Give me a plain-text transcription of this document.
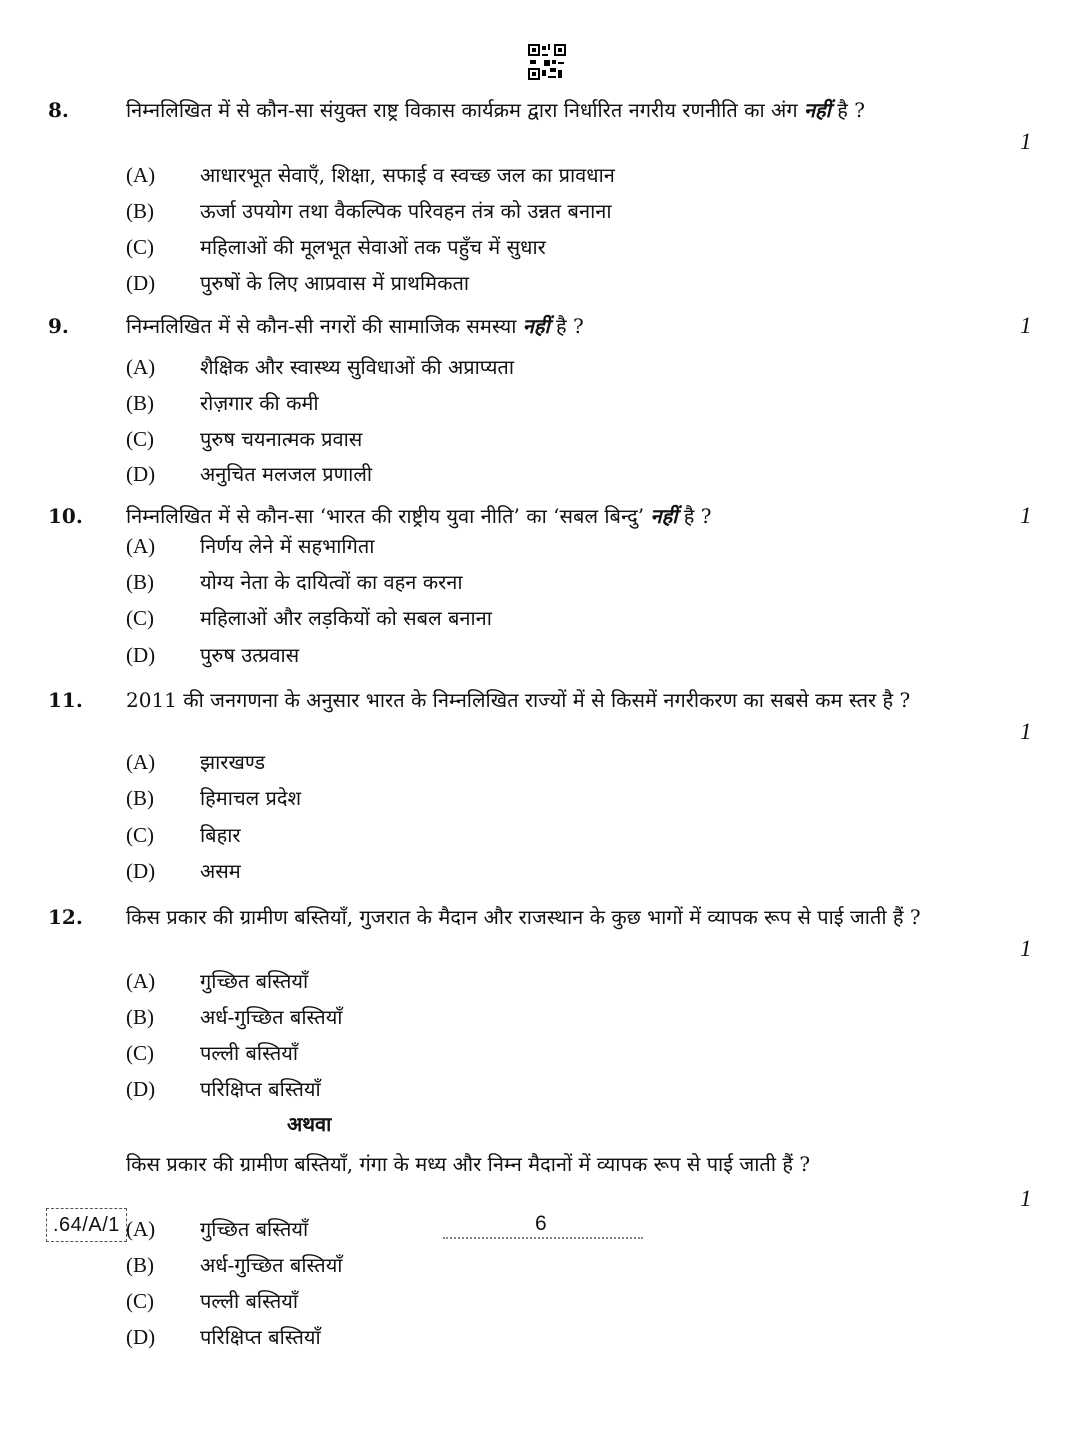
8.	निम्नलिखित में से कौन-सा संयुक्त राष्ट्र विकास कार्यक्रम द्वारा निर्धारित नगरीय रणनीति का अंग नहीं है ?
1
(A) आधारभूत सेवाएँ, शिक्षा, सफाई व स्वच्छ जल का प्रावधान
(B) ऊर्जा उपयोग तथा वैकल्पिक परिवहन तंत्र को उन्नत बनाना
(C) महिलाओं की मूलभूत सेवाओं तक पहुँच में सुधार
(D) पुरुषों के लिए आप्रवास में प्राथमिकता
9.	निम्नलिखित में से कौन-सी नगरों की सामाजिक समस्या नहीं है ?	1
(A) शैक्षिक और स्वास्थ्य सुविधाओं की अप्राप्यता
(B) रोज़गार की कमी
(C) पुरुष चयनात्मक प्रवास
(D) अनुचित मलजल प्रणाली
10. निम्नलिखित में से कौन-सा ‘भारत की राष्ट्रीय युवा नीति’ का ‘सबल बिन्दु’ नहीं है ?	1
(A) निर्णय लेने में सहभागिता
(B) योग्य नेता के दायित्वों का वहन करना
(C) महिलाओं और लड़कियों को सबल बनाना
(D) पुरुष उत्प्रवास
11. 2011 की जनगणना के अनुसार भारत के निम्नलिखित राज्यों में से किसमें नगरीकरण का सबसे कम स्तर है ?
1
(A) झारखण्ड
(B) हिमाचल प्रदेश
(C) बिहार
(D) असम
12. किस प्रकार की ग्रामीण बस्तियाँ, गुजरात के मैदान और राजस्थान के कुछ भागों में व्यापक रूप से पाई जाती हैं ?
1
(A) गुच्छित बस्तियाँ
(B) अर्ध-गुच्छित बस्तियाँ
(C) पल्ली बस्तियाँ
(D) परिक्षिप्त बस्तियाँ
अथवा
किस प्रकार की ग्रामीण बस्तियाँ, गंगा के मध्य और निम्न मैदानों में व्यापक रूप से पाई जाती हैं ?
1
(A) गुच्छित बस्तियाँ
(B) अर्ध-गुच्छित बस्तियाँ
(C) पल्ली बस्तियाँ
(D) परिक्षिप्त बस्तियाँ
.64/A/1	6
